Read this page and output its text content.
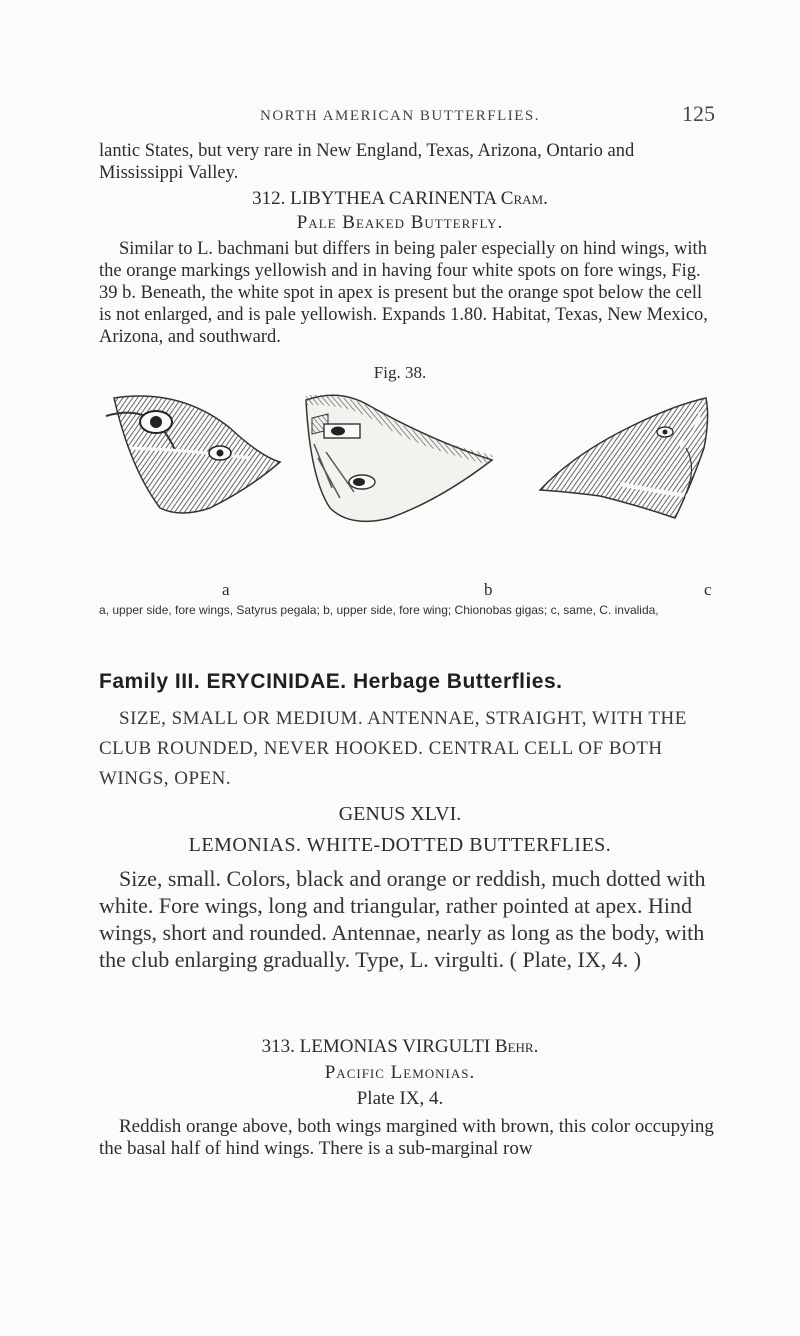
NORTH AMERICAN BUTTERFLIES.	125
lantic States, but very rare in New England, Texas, Arizona, Ontario and Mississippi Valley.
312. LIBYTHEA CARINENTA Cram.
Pale Beaked Butterfly.
Similar to L. bachmani but differs in being paler especially on hind wings, with the orange markings yellowish and in having four white spots on fore wings, Fig. 39 b. Beneath, the white spot in apex is present but the orange spot below the cell is not enlarged, and is pale yellowish. Expands 1.80. Habitat, Texas, New Mexico, Arizona, and southward.
Fig. 38.
a	b	c
a, upper side, fore wings, Satyrus pegala; b, upper side, fore wing; Chionobas gigas; c, same, C. invalida,
Family III. ERYCINIDAE. Herbage Butterflies.
SIZE, SMALL OR MEDIUM. ANTENNAE, STRAIGHT, WITH THE CLUB ROUNDED, NEVER HOOKED. CENTRAL CELL OF BOTH WINGS, OPEN.
GENUS XLVI.
LEMONIAS. WHITE-DOTTED BUTTERFLIES.
Size, small. Colors, black and orange or reddish, much dotted with white. Fore wings, long and triangular, rather pointed at apex. Hind wings, short and rounded. Antennae, nearly as long as the body, with the club enlarging gradually. Type, L. virgulti. ( Plate, IX, 4. )
313. LEMONIAS VIRGULTI Behr.
Pacific Lemonias.
Plate IX, 4.
Reddish orange above, both wings margined with brown, this color occupying the basal half of hind wings. There is a sub-marginal row
